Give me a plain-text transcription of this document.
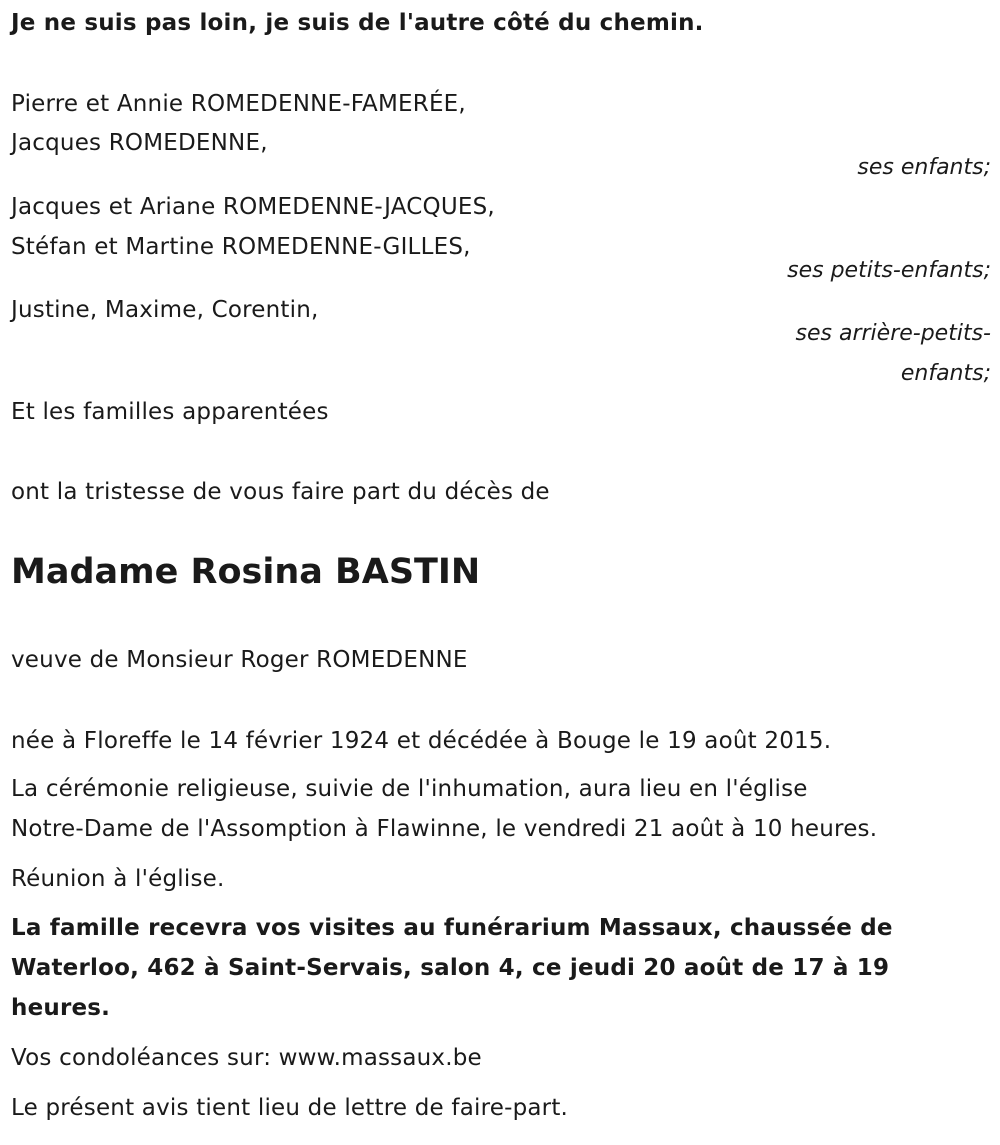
Je ne suis pas loin, je suis de l'autre côté du chemin.
Pierre et Annie ROMEDENNE-FAMERÉE,
Jacques ROMEDENNE,
ses enfants;
Jacques et Ariane ROMEDENNE-JACQUES,
Stéfan et Martine ROMEDENNE-GILLES,
ses petits-enfants;
Justine, Maxime, Corentin,
ses arrière-petits-
enfants;
Et les familles apparentées
ont la tristesse de vous faire part du décès de
Madame Rosina BASTIN
veuve de Monsieur Roger ROMEDENNE
née à Floreffe le 14 février 1924 et décédée à Bouge le 19 août 2015.
La cérémonie religieuse, suivie de l'inhumation, aura lieu en l'église
Notre-Dame de l'Assomption à Flawinne, le vendredi 21 août à 10 heures.
Réunion à l'église.
La famille recevra vos visites au funérarium Massaux, chaussée de
Waterloo, 462 à Saint-Servais, salon 4, ce jeudi 20 août de 17 à 19
heures.
Vos condoléances sur: www.massaux.be
Le présent avis tient lieu de lettre de faire-part.
